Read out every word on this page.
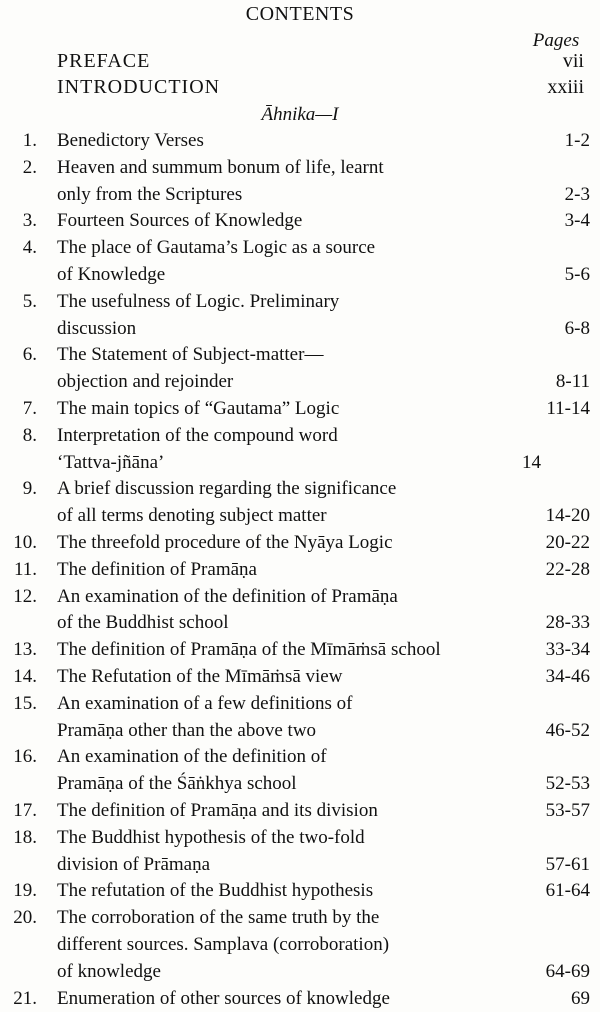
CONTENTS
Pages
PREFACE	vii
INTRODUCTION	xxiii
Āhnika—I
1. Benedictory Verses	1-2
2. Heaven and summum bonum of life, learnt
only from the Scriptures	2-3
3. Fourteen Sources of Knowledge	3-4
4. The place of Gautama’s Logic as a source
of Knowledge	5-6
5. The usefulness of Logic. Preliminary
discussion	6-8
6. The Statement of Subject-matter—
objection and rejoinder	8-11
7. The main topics of “Gautama” Logic	11-14
8. Interpretation of the compound word
‘Tattva-jñāna’	14
9. A brief discussion regarding the significance
of all terms denoting subject matter	14-20
10. The threefold procedure of the Nyāya Logic	20-22
11. The definition of Pramāṇa	22-28
12. An examination of the definition of Pramāṇa
of the Buddhist school	28-33
13. The definition of Pramāṇa of the Mīmāṁsā school	33-34
14. The Refutation of the Mīmāṁsā view	34-46
15. An examination of a few definitions of
Pramāṇa other than the above two	46-52
16. An examination of the definition of
Pramāṇa of the Śāṅkhya school	52-53
17. The definition of Pramāṇa and its division	53-57
18. The Buddhist hypothesis of the two-fold
division of Prāmaṇa	57-61
19. The refutation of the Buddhist hypothesis	61-64
20. The corroboration of the same truth by the
different sources. Samplava (corroboration)
of knowledge	64-69
21. Enumeration of other sources of knowledge	69
